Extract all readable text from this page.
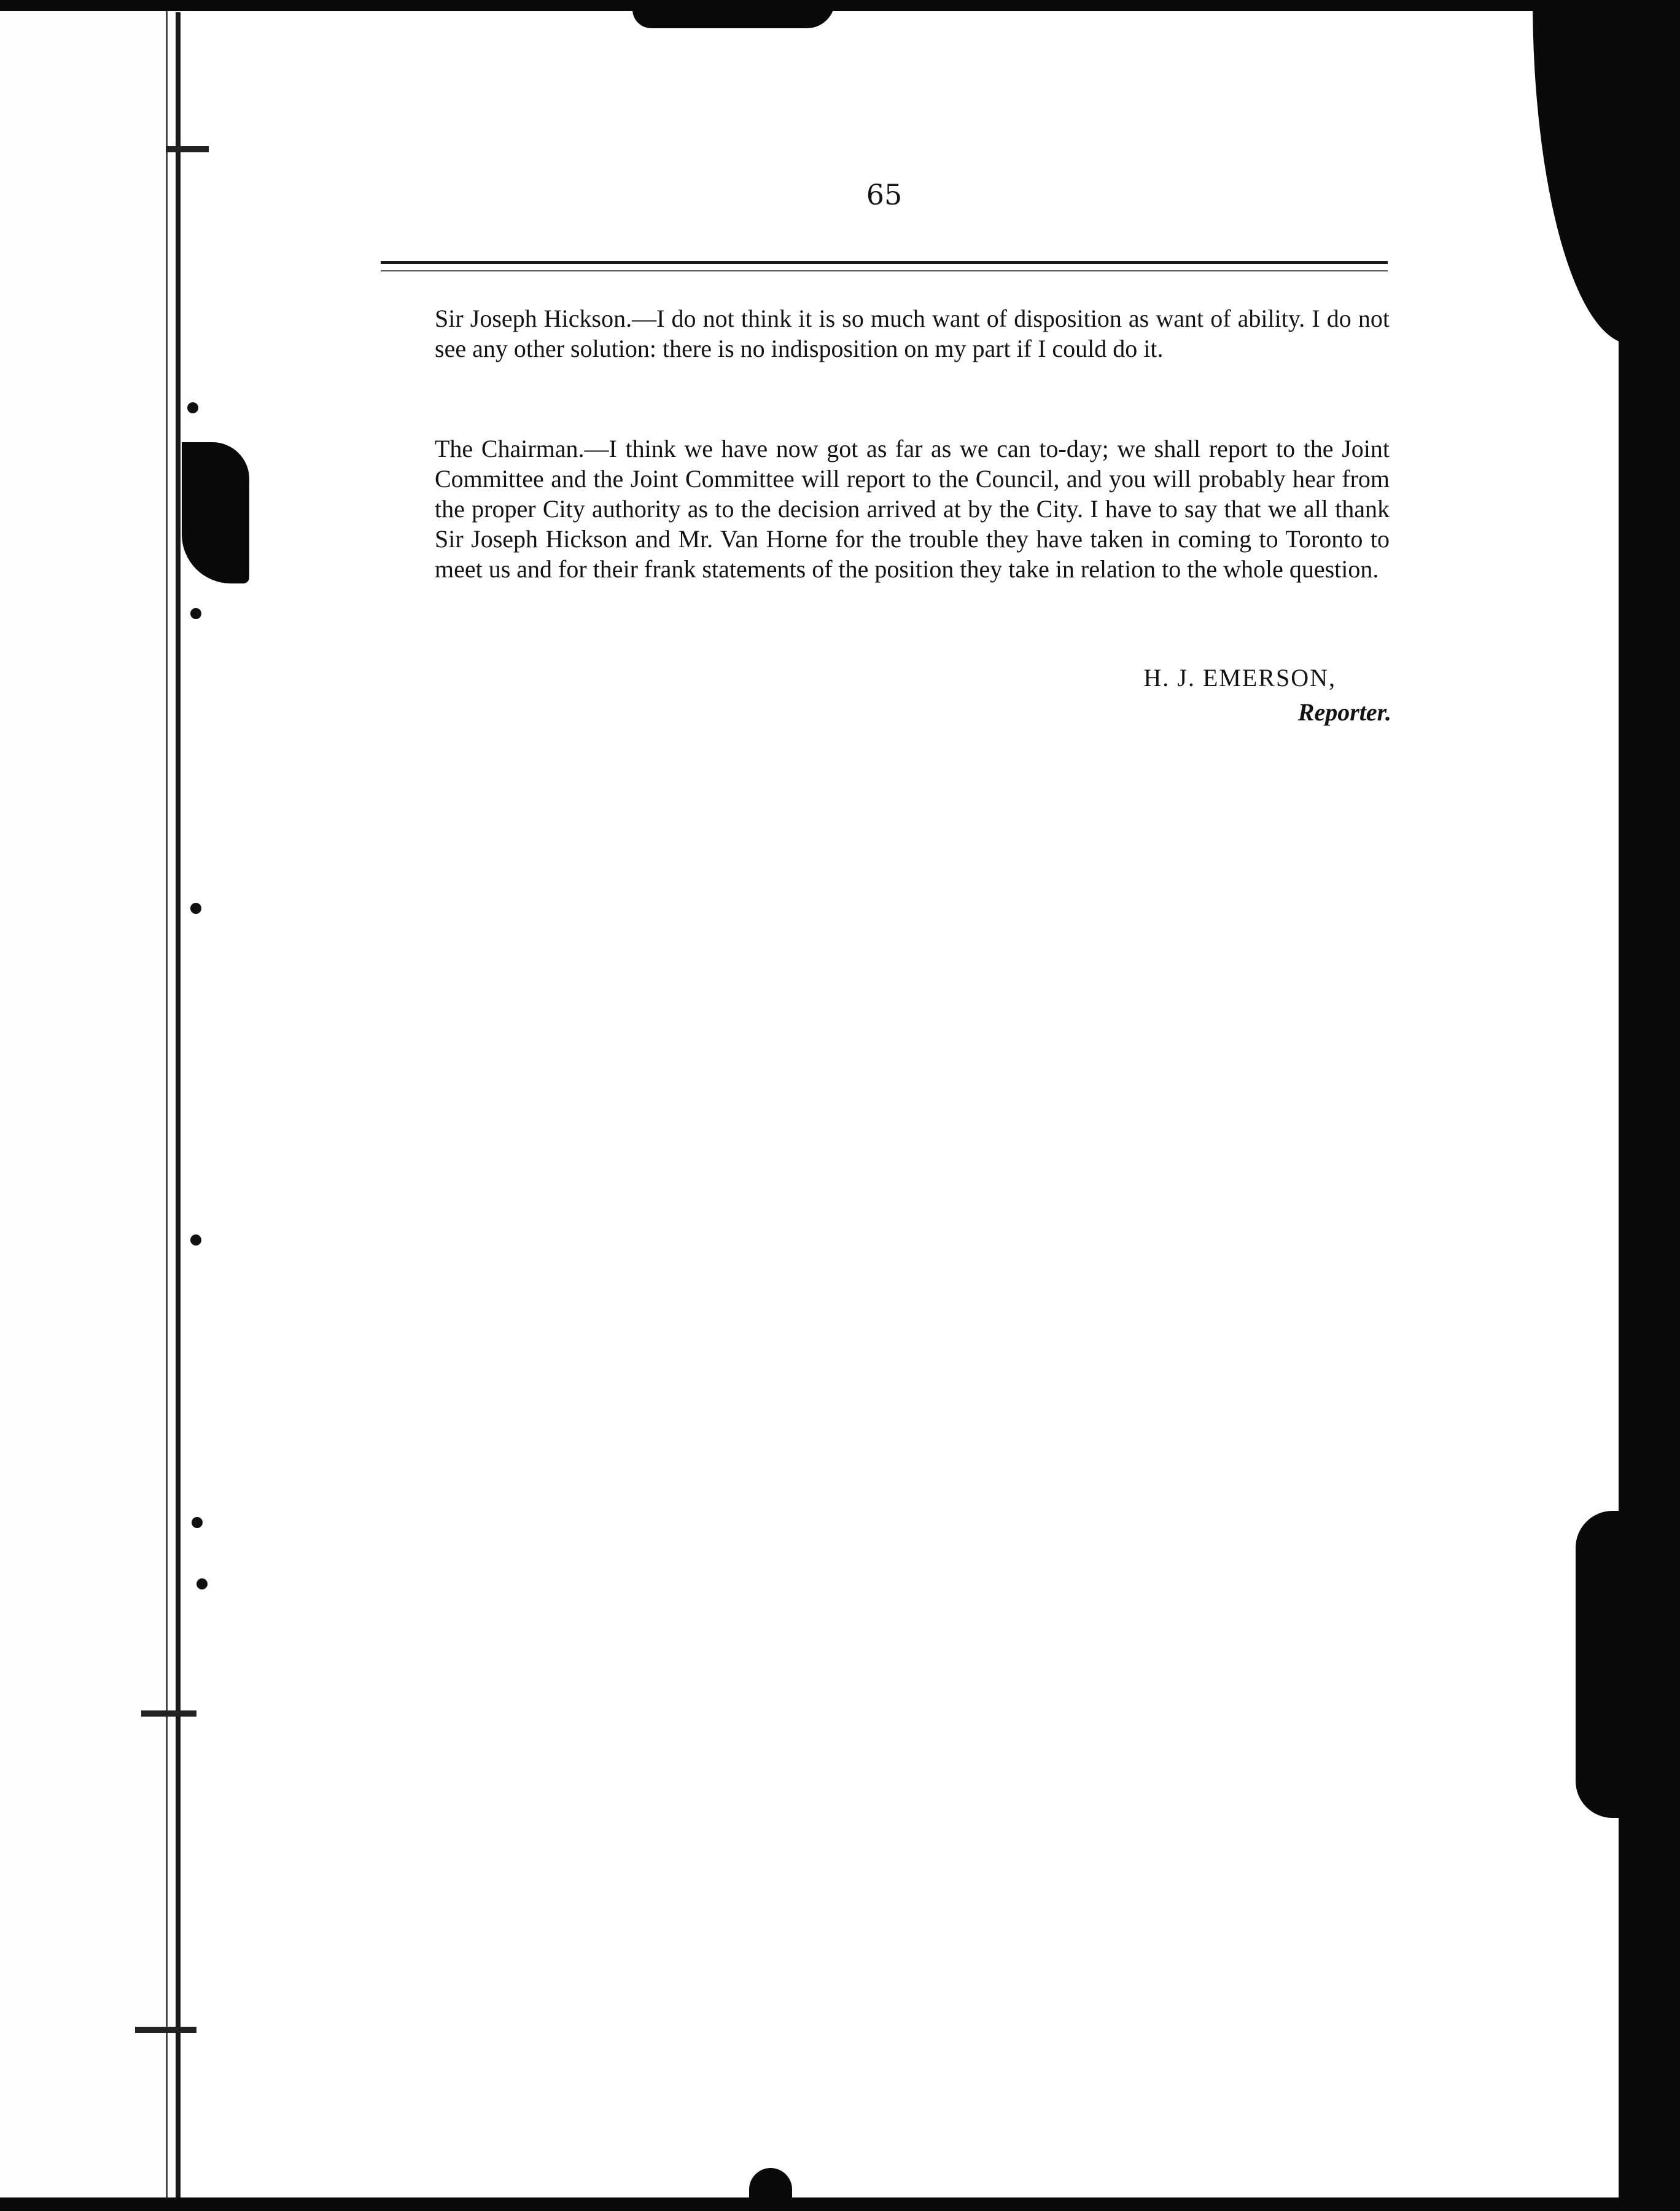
65

Sir Joseph Hickson.—I do not think it is so much want of disposition as want of ability. I do not see any other solution: there is no indisposition on my part if I could do it.

The Chairman.—I think we have now got as far as we can to-day; we shall report to the Joint Committee and the Joint Committee will report to the Council, and you will probably hear from the proper City authority as to the decision arrived at by the City. I have to say that we all thank Sir Joseph Hickson and Mr. Van Horne for the trouble they have taken in coming to Toronto to meet us and for their frank statements of the position they take in relation to the whole question.

H. J. EMERSON,
Reporter.
